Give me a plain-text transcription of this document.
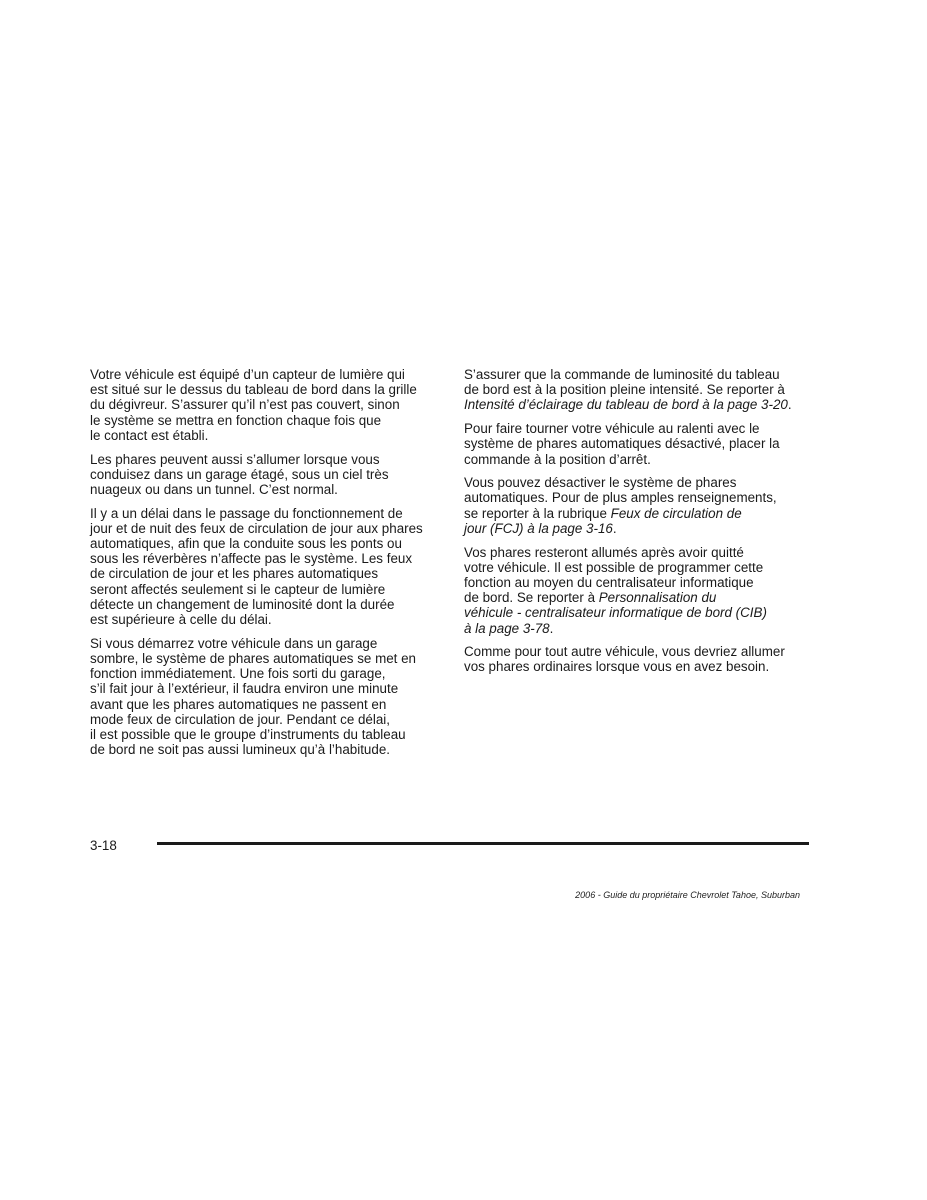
Votre véhicule est équipé d’un capteur de lumière qui
est situé sur le dessus du tableau de bord dans la grille
du dégivreur. S’assurer qu’il n’est pas couvert, sinon
le système se mettra en fonction chaque fois que
le contact est établi.

Les phares peuvent aussi s’allumer lorsque vous
conduisez dans un garage étagé, sous un ciel très
nuageux ou dans un tunnel. C’est normal.

Il y a un délai dans le passage du fonctionnement de
jour et de nuit des feux de circulation de jour aux phares
automatiques, afin que la conduite sous les ponts ou
sous les réverbères n’affecte pas le système. Les feux
de circulation de jour et les phares automatiques
seront affectés seulement si le capteur de lumière
détecte un changement de luminosité dont la durée
est supérieure à celle du délai.

Si vous démarrez votre véhicule dans un garage
sombre, le système de phares automatiques se met en
fonction immédiatement. Une fois sorti du garage,
s’il fait jour à l’extérieur, il faudra environ une minute
avant que les phares automatiques ne passent en
mode feux de circulation de jour. Pendant ce délai,
il est possible que le groupe d’instruments du tableau
de bord ne soit pas aussi lumineux qu’à l’habitude.

S’assurer que la commande de luminosité du tableau
de bord est à la position pleine intensité. Se reporter à
Intensité d’éclairage du tableau de bord à la page 3-20.

Pour faire tourner votre véhicule au ralenti avec le
système de phares automatiques désactivé, placer la
commande à la position d’arrêt.

Vous pouvez désactiver le système de phares
automatiques. Pour de plus amples renseignements,
se reporter à la rubrique Feux de circulation de
jour (FCJ) à la page 3-16.

Vos phares resteront allumés après avoir quitté
votre véhicule. Il est possible de programmer cette
fonction au moyen du centralisateur informatique
de bord. Se reporter à Personnalisation du
véhicule - centralisateur informatique de bord (CIB)
à la page 3-78.

Comme pour tout autre véhicule, vous devriez allumer
vos phares ordinaires lorsque vous en avez besoin.

3-18
2006 - Guide du propriétaire Chevrolet Tahoe, Suburban
